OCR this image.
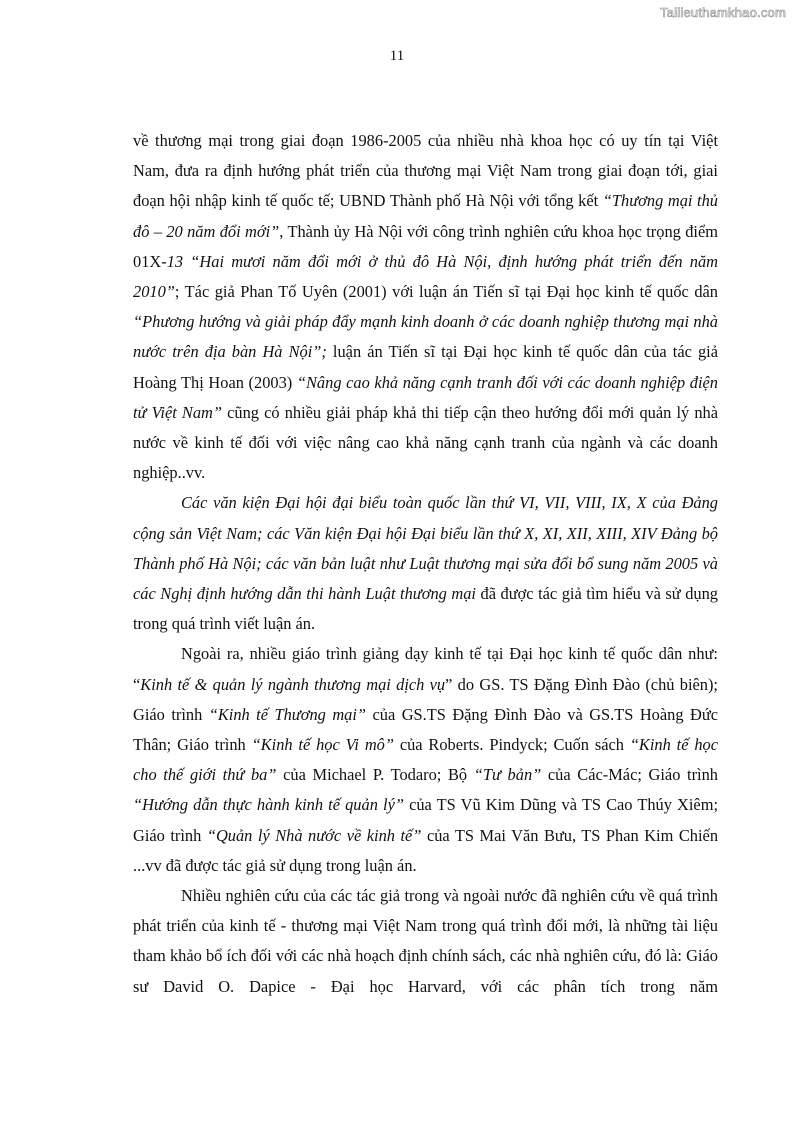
Tailieuthamkhao.com
11

về thương mại trong giai đoạn 1986-2005 của nhiều nhà khoa học có uy tín tại Việt Nam, đưa ra định hướng phát triển của thương mại Việt Nam trong giai đoạn tới, giai đoạn hội nhập kinh tế quốc tế; UBND Thành phố Hà Nội với tổng kết “Thương mại thủ đô – 20 năm đổi mới”, Thành ủy Hà Nội với công trình nghiên cứu khoa học trọng điểm 01X-13 “Hai mươi năm đổi mới ở thủ đô Hà Nội, định hướng phát triển đến năm 2010”; Tác giả Phan Tố Uyên (2001) với luận án Tiến sĩ tại Đại học kinh tế quốc dân “Phương hướng và giải pháp đẩy mạnh kinh doanh ở các doanh nghiệp thương mại nhà nước trên địa bàn Hà Nội”; luận án Tiến sĩ tại Đại học kinh tế quốc dân của tác giả Hoàng Thị Hoan (2003) “Nâng cao khả năng cạnh tranh đối với các doanh nghiệp điện tử Việt Nam” cũng có nhiều giải pháp khả thi tiếp cận theo hướng đổi mới quản lý nhà nước về kinh tế đối với việc nâng cao khả năng cạnh tranh của ngành và các doanh nghiệp..vv.

Các văn kiện Đại hội đại biểu toàn quốc lần thứ VI, VII, VIII, IX, X của Đảng cộng sản Việt Nam; các Văn kiện Đại hội Đại biểu lần thứ X, XI, XII, XIII, XIV Đảng bộ Thành phố Hà Nội; các văn bản luật như Luật thương mại sửa đổi bổ sung năm 2005 và các Nghị định hướng dẫn thi hành Luật thương mại đã được tác giả tìm hiểu và sử dụng trong quá trình viết luận án.

Ngoài ra, nhiều giáo trình giảng dạy kinh tế tại Đại học kinh tế quốc dân như: “Kinh tế & quản lý ngành thương mại dịch vụ” do GS. TS Đặng Đình Đào (chủ biên); Giáo trình “Kinh tế Thương mại” của GS.TS Đặng Đình Đào và GS.TS Hoàng Đức Thân; Giáo trình “Kinh tế học Vi mô” của Roberts. Pindyck; Cuốn sách “Kinh tế học cho thế giới thứ ba” của Michael P. Todaro; Bộ “Tư bản” của Các-Mác; Giáo trình “Hướng dẫn thực hành kinh tế quản lý” của TS Vũ Kim Dũng và TS Cao Thúy Xiêm; Giáo trình “Quản lý Nhà nước về kinh tế” của TS Mai Văn Bưu, TS Phan Kim Chiến ...vv đã được tác giả sử dụng trong luận án.

Nhiều nghiên cứu của các tác giả trong và ngoài nước đã nghiên cứu về quá trình phát triển của kinh tế - thương mại Việt Nam trong quá trình đổi mới, là những tài liệu tham khảo bổ ích đối với các nhà hoạch định chính sách, các nhà nghiên cứu, đó là: Giáo sư David O. Dapice - Đại học Harvard, với các phân tích trong năm
